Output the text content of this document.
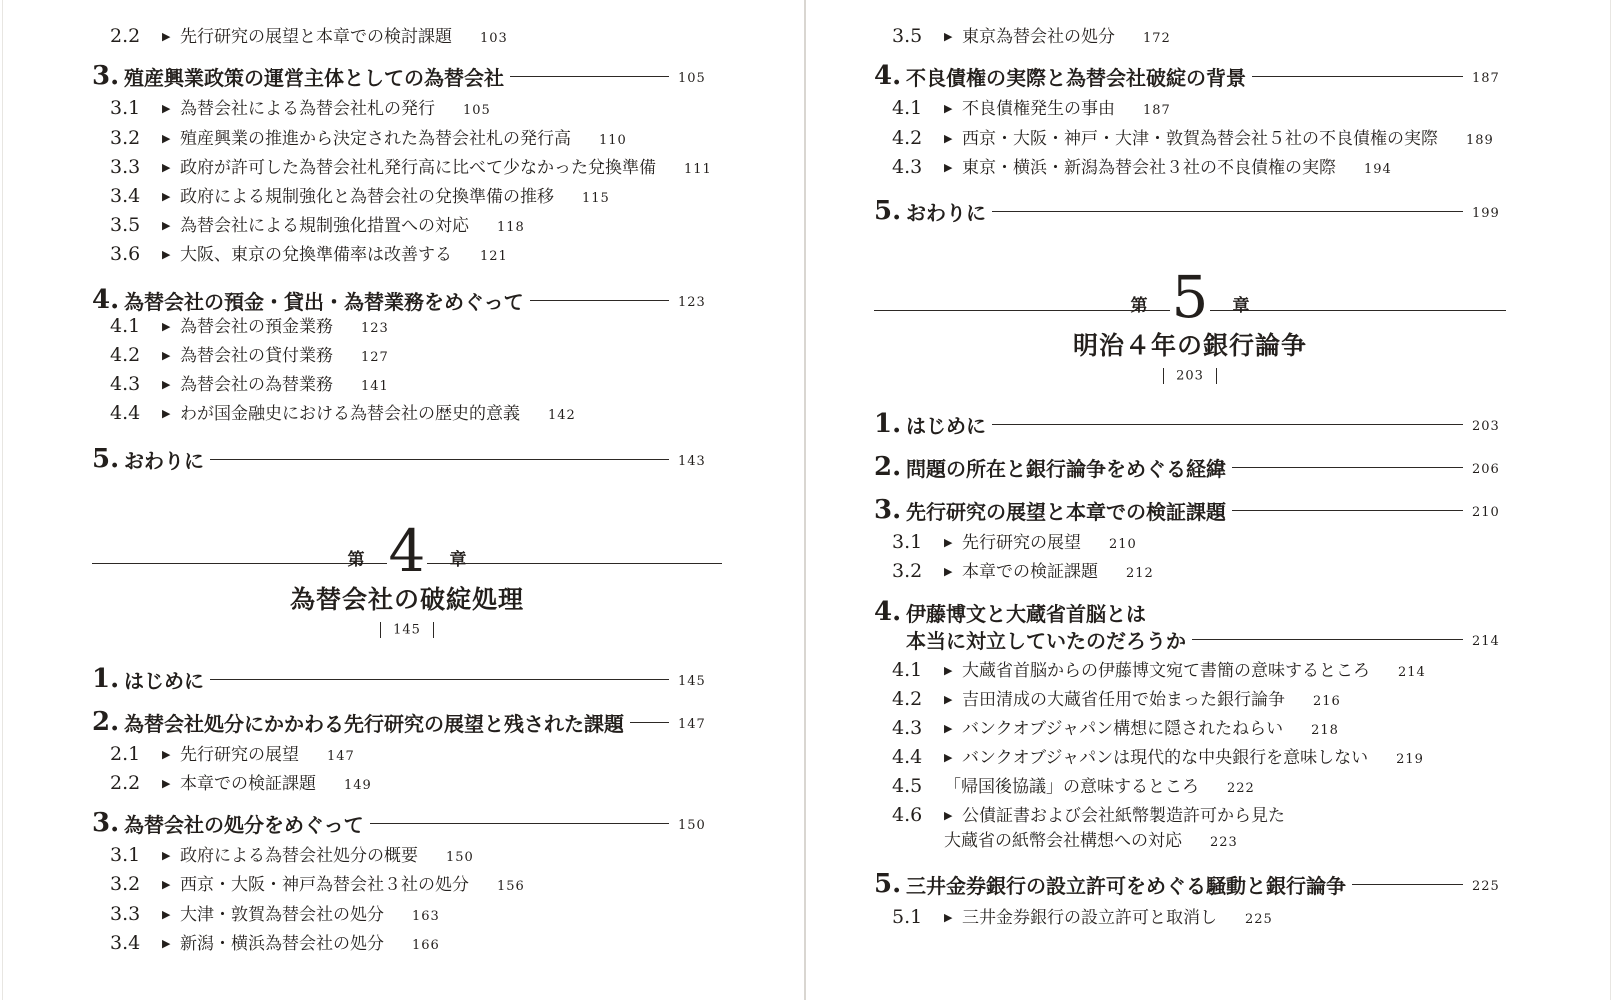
2.2	▶ 先行研究の展望と本章での検討課題 103
3. 殖産興業政策の運営主体としての為替会社	105
3.1	▶ 為替会社による為替会社札の発行 105
3.2	▶ 殖産興業の推進から決定された為替会社札の発行高 110
3.3	▶ 政府が許可した為替会社札発行高に比べて少なかった兌換準備 111
3.4	▶ 政府による規制強化と為替会社の兌換準備の推移 115
3.5	▶ 為替会社による規制強化措置への対応 118
3.6	▶ 大阪、東京の兌換準備率は改善する 121
4. 為替会社の預金・貸出・為替業務をめぐって	123
4.1	▶ 為替会社の預金業務 123
4.2	▶ 為替会社の貸付業務 127
4.3	▶ 為替会社の為替業務 141
4.4	▶ わが国金融史における為替会社の歴史的意義 142
5. おわりに	143
第 4 章
為替会社の破綻処理
145
1. はじめに	145
2. 為替会社処分にかかわる先行研究の展望と残された課題	147
2.1	▶ 先行研究の展望 147
2.2	▶ 本章での検証課題 149
3. 為替会社の処分をめぐって	150
3.1	▶ 政府による為替会社処分の概要 150
3.2	▶ 西京・大阪・神戸為替会社３社の処分 156
3.3	▶ 大津・敦賀為替会社の処分 163
3.4	▶ 新潟・横浜為替会社の処分 166
3.5	▶ 東京為替会社の処分 172
4. 不良債権の実際と為替会社破綻の背景	187
4.1	▶ 不良債権発生の事由 187
4.2	▶ 西京・大阪・神戸・大津・敦賀為替会社５社の不良債権の実際 189
4.3	▶ 東京・横浜・新潟為替会社３社の不良債権の実際 194
5. おわりに	199
第 5 章
明治４年の銀行論争
203
1. はじめに	203
2. 問題の所在と銀行論争をめぐる経緯	206
3. 先行研究の展望と本章での検証課題	210
3.1	▶ 先行研究の展望 210
3.2	▶ 本章での検証課題 212
4. 伊藤博文と大蔵省首脳とは
本当に対立していたのだろうか	214
4.1	▶ 大蔵省首脳からの伊藤博文宛て書簡の意味するところ 214
4.2	▶ 吉田清成の大蔵省任用で始まった銀行論争 216
4.3	▶ バンクオブジャパン構想に隠されたねらい 218
4.4	▶ バンクオブジャパンは現代的な中央銀行を意味しない 219
4.5	「帰国後協議」の意味するところ 222
4.6	▶ 公債証書および会社紙幣製造許可から見た
大蔵省の紙幣会社構想への対応 223
5. 三井金券銀行の設立許可をめぐる騒動と銀行論争	225
5.1	▶ 三井金券銀行の設立許可と取消し 225
